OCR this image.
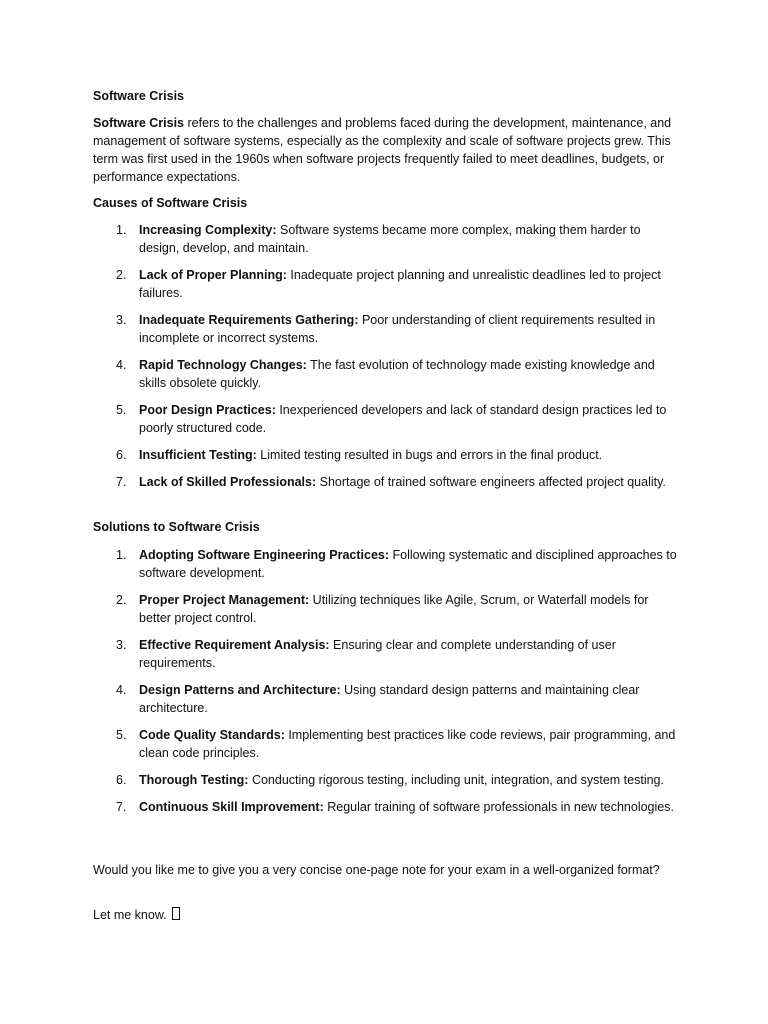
Software Crisis

Software Crisis refers to the challenges and problems faced during the development, maintenance, and management of software systems, especially as the complexity and scale of software projects grew. This term was first used in the 1960s when software projects frequently failed to meet deadlines, budgets, or performance expectations.

Causes of Software Crisis

1. Increasing Complexity: Software systems became more complex, making them harder to design, develop, and maintain.
2. Lack of Proper Planning: Inadequate project planning and unrealistic deadlines led to project failures.
3. Inadequate Requirements Gathering: Poor understanding of client requirements resulted in incomplete or incorrect systems.
4. Rapid Technology Changes: The fast evolution of technology made existing knowledge and skills obsolete quickly.
5. Poor Design Practices: Inexperienced developers and lack of standard design practices led to poorly structured code.
6. Insufficient Testing: Limited testing resulted in bugs and errors in the final product.
7. Lack of Skilled Professionals: Shortage of trained software engineers affected project quality.

Solutions to Software Crisis

1. Adopting Software Engineering Practices: Following systematic and disciplined approaches to software development.
2. Proper Project Management: Utilizing techniques like Agile, Scrum, or Waterfall models for better project control.
3. Effective Requirement Analysis: Ensuring clear and complete understanding of user requirements.
4. Design Patterns and Architecture: Using standard design patterns and maintaining clear architecture.
5. Code Quality Standards: Implementing best practices like code reviews, pair programming, and clean code principles.
6. Thorough Testing: Conducting rigorous testing, including unit, integration, and system testing.
7. Continuous Skill Improvement: Regular training of software professionals in new technologies.

Would you like me to give you a very concise one-page note for your exam in a well-organized format?

Let me know.
